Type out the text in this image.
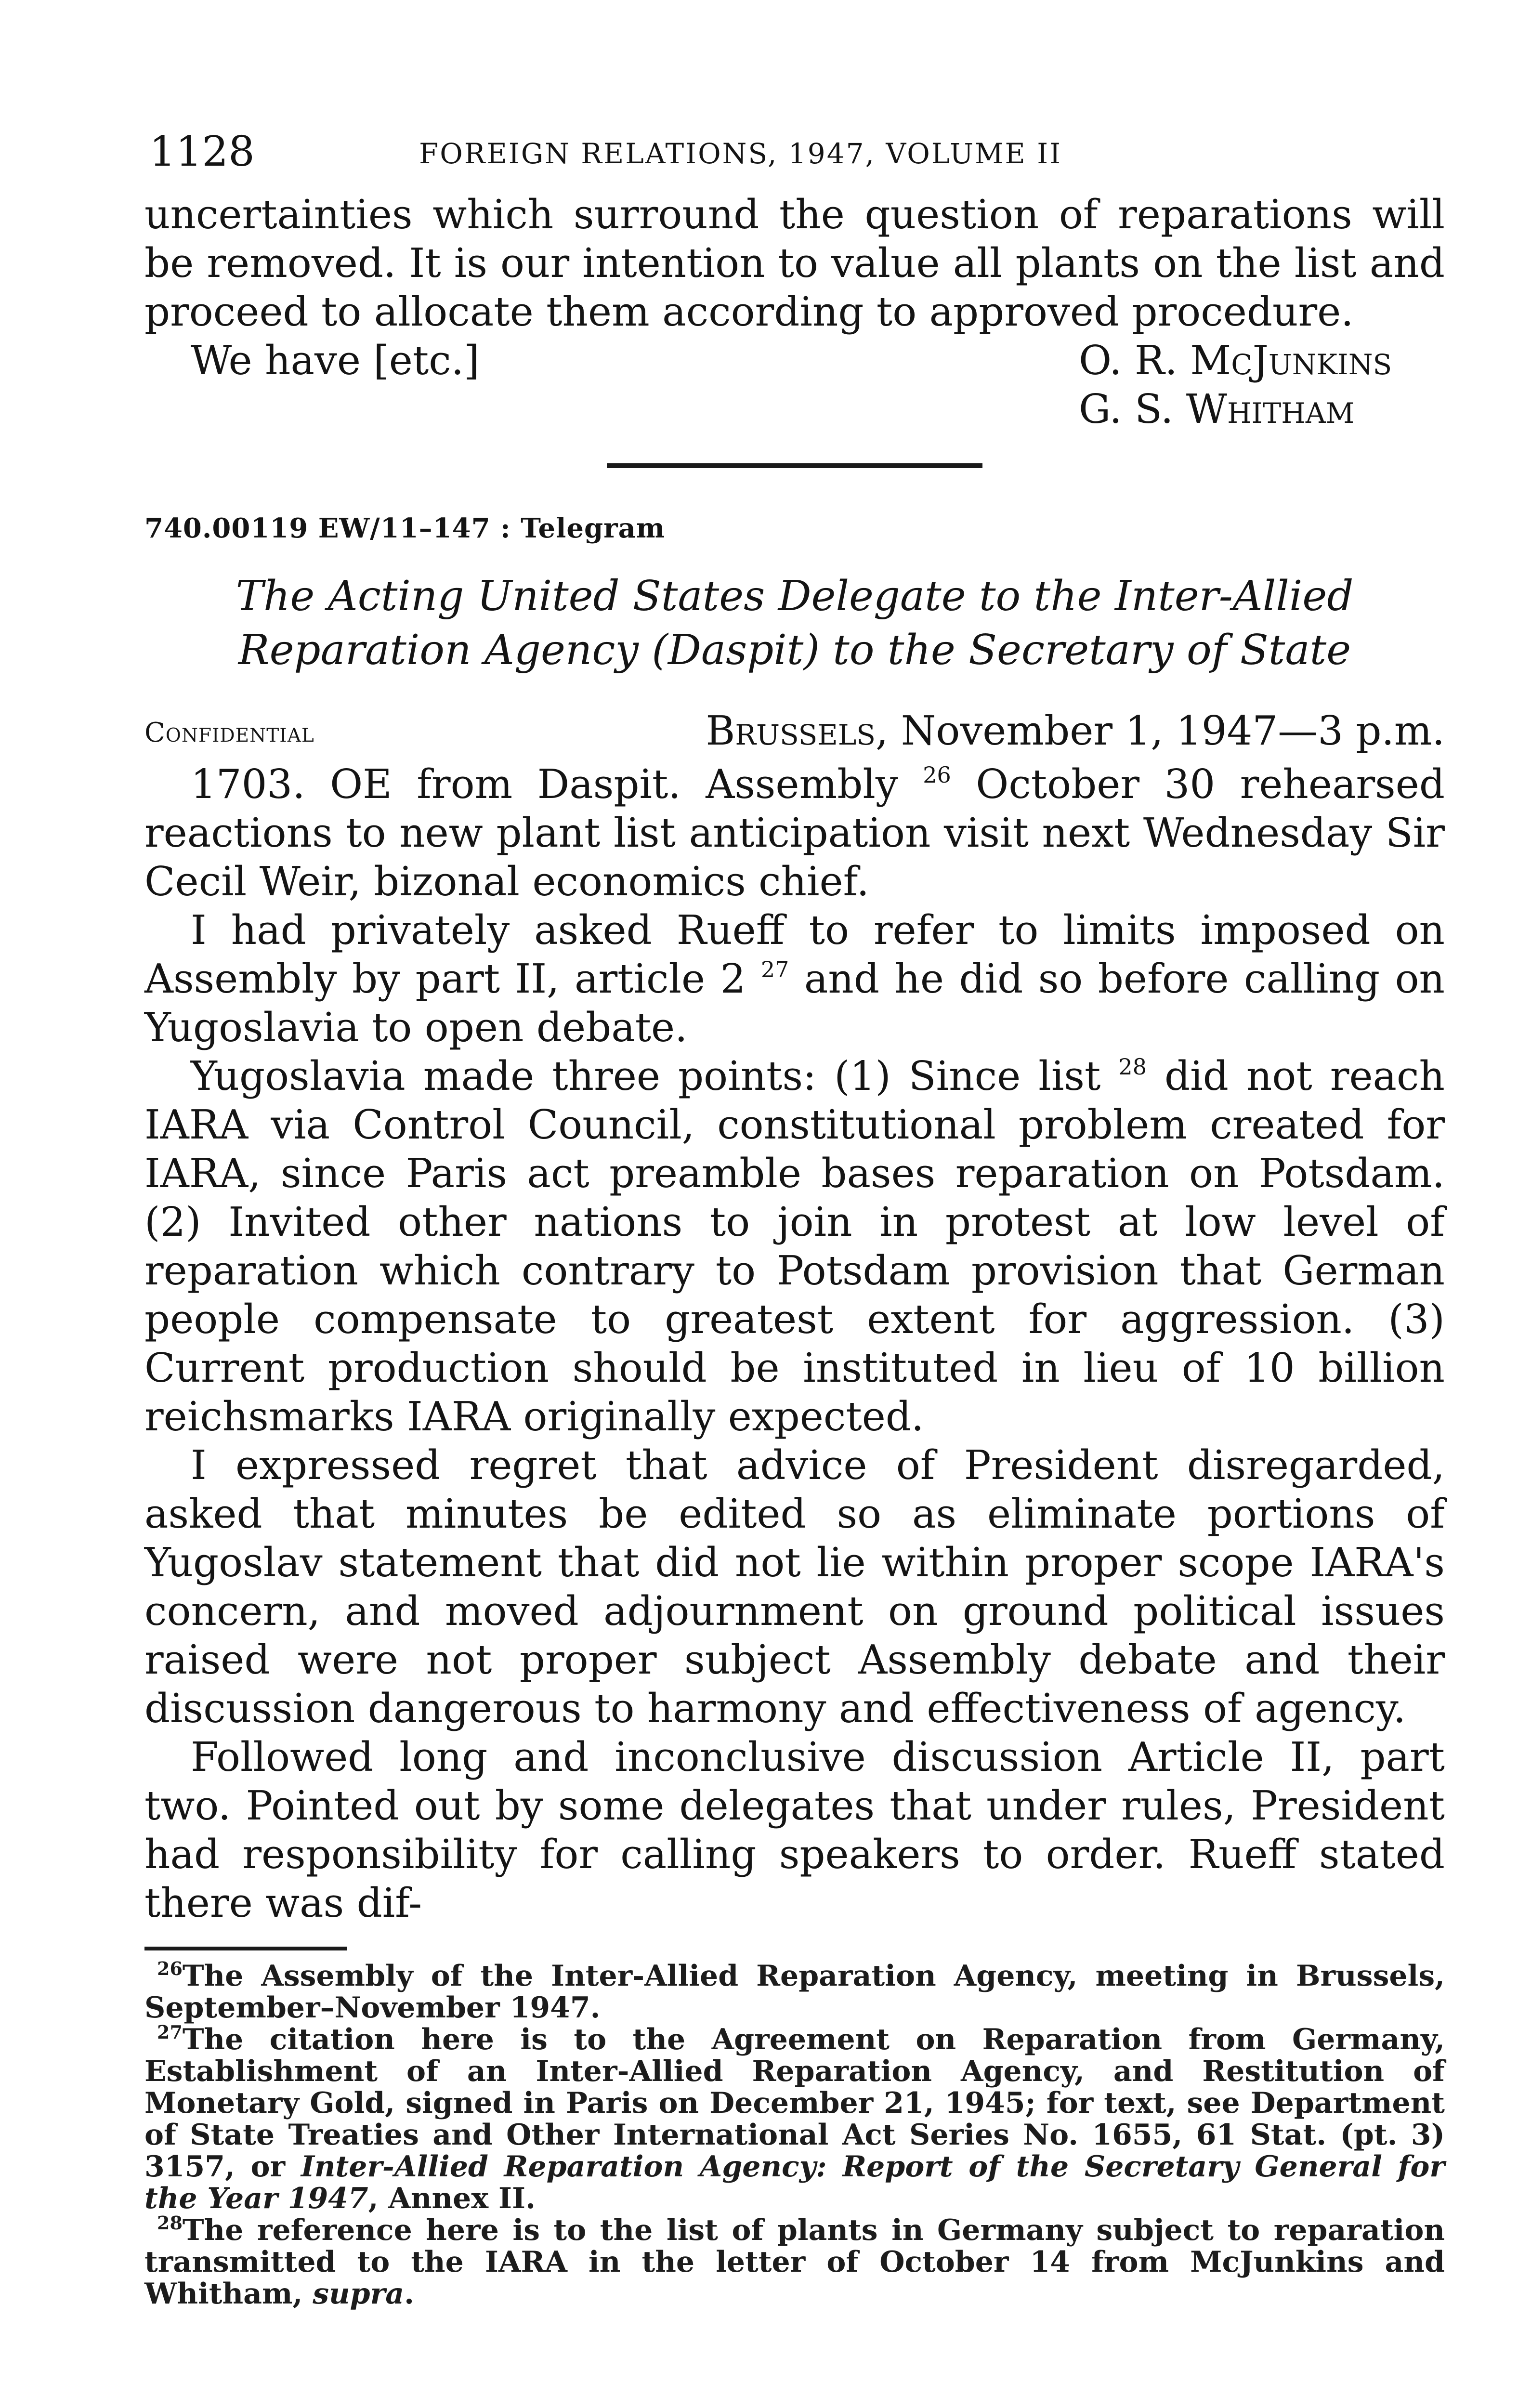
1128	FOREIGN RELATIONS, 1947, VOLUME II

uncertainties which surround the question of reparations will be removed. It is our intention to value all plants on the list and proceed to allocate them according to approved procedure.

We have [etc.]	O. R. McJunkins
G. S. Whitham
740.00119 EW/11–147 : Telegram
The Acting United States Delegate to the Inter-Allied Reparation Agency (Daspit) to the Secretary of State
Confidential	Brussels, November 1, 1947—3 p.m.

1703. OE from Daspit. Assembly $^{26}$ October 30 rehearsed reactions to new plant list anticipation visit next Wednesday Sir Cecil Weir, bizonal economics chief.

I had privately asked Rueff to refer to limits imposed on Assembly by part II, article 2 $^{27}$ and he did so before calling on Yugoslavia to open debate.

Yugoslavia made three points: (1) Since list $^{28}$ did not reach IARA via Control Council, constitutional problem created for IARA, since Paris act preamble bases reparation on Potsdam. (2) Invited other nations to join in protest at low level of reparation which contrary to Potsdam provision that German people compensate to greatest extent for aggression. (3) Current production should be instituted in lieu of 10 billion reichsmarks IARA originally expected.

I expressed regret that advice of President disregarded, asked that minutes be edited so as eliminate portions of Yugoslav statement that did not lie within proper scope IARA's concern, and moved adjournment on ground political issues raised were not proper subject Assembly debate and their discussion dangerous to harmony and effectiveness of agency.

Followed long and inconclusive discussion Article II, part two. Pointed out by some delegates that under rules, President had responsibility for calling speakers to order. Rueff stated there was dif-

$^{26}$The Assembly of the Inter-Allied Reparation Agency, meeting in Brussels, September–November 1947.

$^{27}$The citation here is to the Agreement on Reparation from Germany, Establishment of an Inter-Allied Reparation Agency, and Restitution of Monetary Gold, signed in Paris on December 21, 1945; for text, see Department of State Treaties and Other International Act Series No. 1655, 61 Stat. (pt. 3) 3157, or Inter-Allied Reparation Agency: Report of the Secretary General for the Year 1947, Annex II.

$^{28}$The reference here is to the list of plants in Germany subject to reparation transmitted to the IARA in the letter of October 14 from McJunkins and Whitham, supra.
